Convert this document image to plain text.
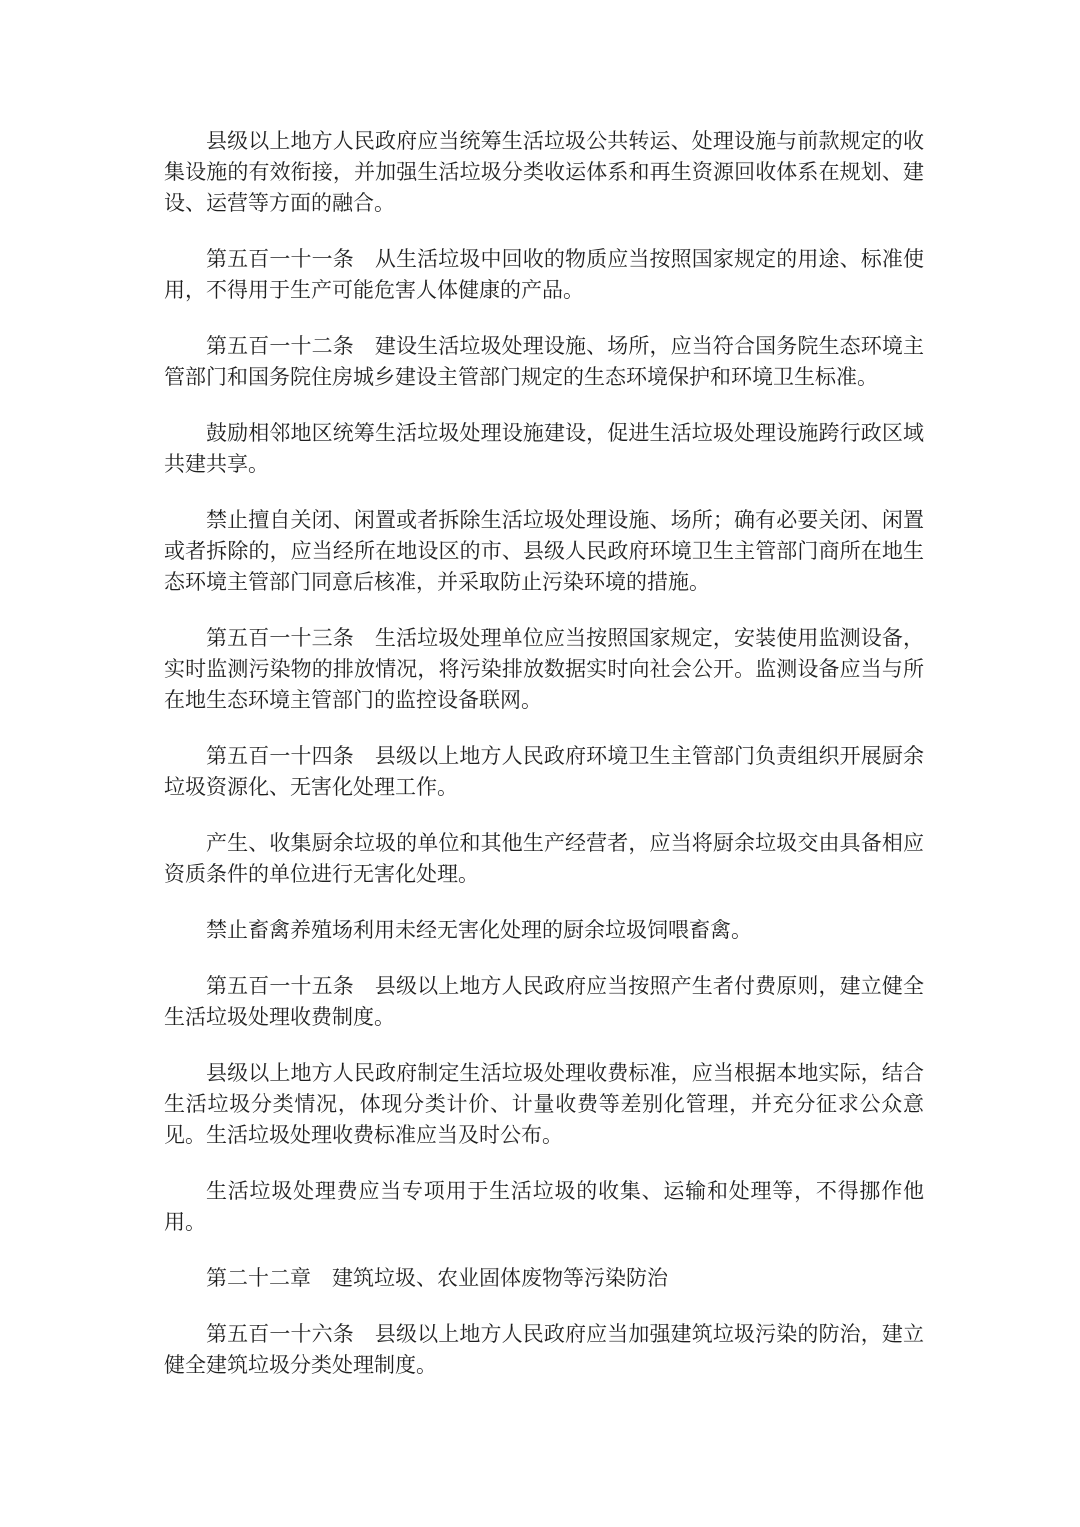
县级以上地方人民政府应当统筹生活垃圾公共转运、处理设施与前款规定的收集设施的有效衔接，并加强生活垃圾分类收运体系和再生资源回收体系在规划、建设、运营等方面的融合。

第五百一十一条 从生活垃圾中回收的物质应当按照国家规定的用途、标准使用，不得用于生产可能危害人体健康的产品。

第五百一十二条 建设生活垃圾处理设施、场所，应当符合国务院生态环境主管部门和国务院住房城乡建设主管部门规定的生态环境保护和环境卫生标准。

鼓励相邻地区统筹生活垃圾处理设施建设，促进生活垃圾处理设施跨行政区域共建共享。

禁止擅自关闭、闲置或者拆除生活垃圾处理设施、场所；确有必要关闭、闲置或者拆除的，应当经所在地设区的市、县级人民政府环境卫生主管部门商所在地生态环境主管部门同意后核准，并采取防止污染环境的措施。

第五百一十三条 生活垃圾处理单位应当按照国家规定，安装使用监测设备，实时监测污染物的排放情况，将污染排放数据实时向社会公开。监测设备应当与所在地生态环境主管部门的监控设备联网。

第五百一十四条 县级以上地方人民政府环境卫生主管部门负责组织开展厨余垃圾资源化、无害化处理工作。

产生、收集厨余垃圾的单位和其他生产经营者，应当将厨余垃圾交由具备相应资质条件的单位进行无害化处理。

禁止畜禽养殖场利用未经无害化处理的厨余垃圾饲喂畜禽。

第五百一十五条 县级以上地方人民政府应当按照产生者付费原则，建立健全生活垃圾处理收费制度。

县级以上地方人民政府制定生活垃圾处理收费标准，应当根据本地实际，结合生活垃圾分类情况，体现分类计价、计量收费等差别化管理，并充分征求公众意见。生活垃圾处理收费标准应当及时公布。

生活垃圾处理费应当专项用于生活垃圾的收集、运输和处理等，不得挪作他用。

第二十二章 建筑垃圾、农业固体废物等污染防治

第五百一十六条 县级以上地方人民政府应当加强建筑垃圾污染的防治，建立健全建筑垃圾分类处理制度。
